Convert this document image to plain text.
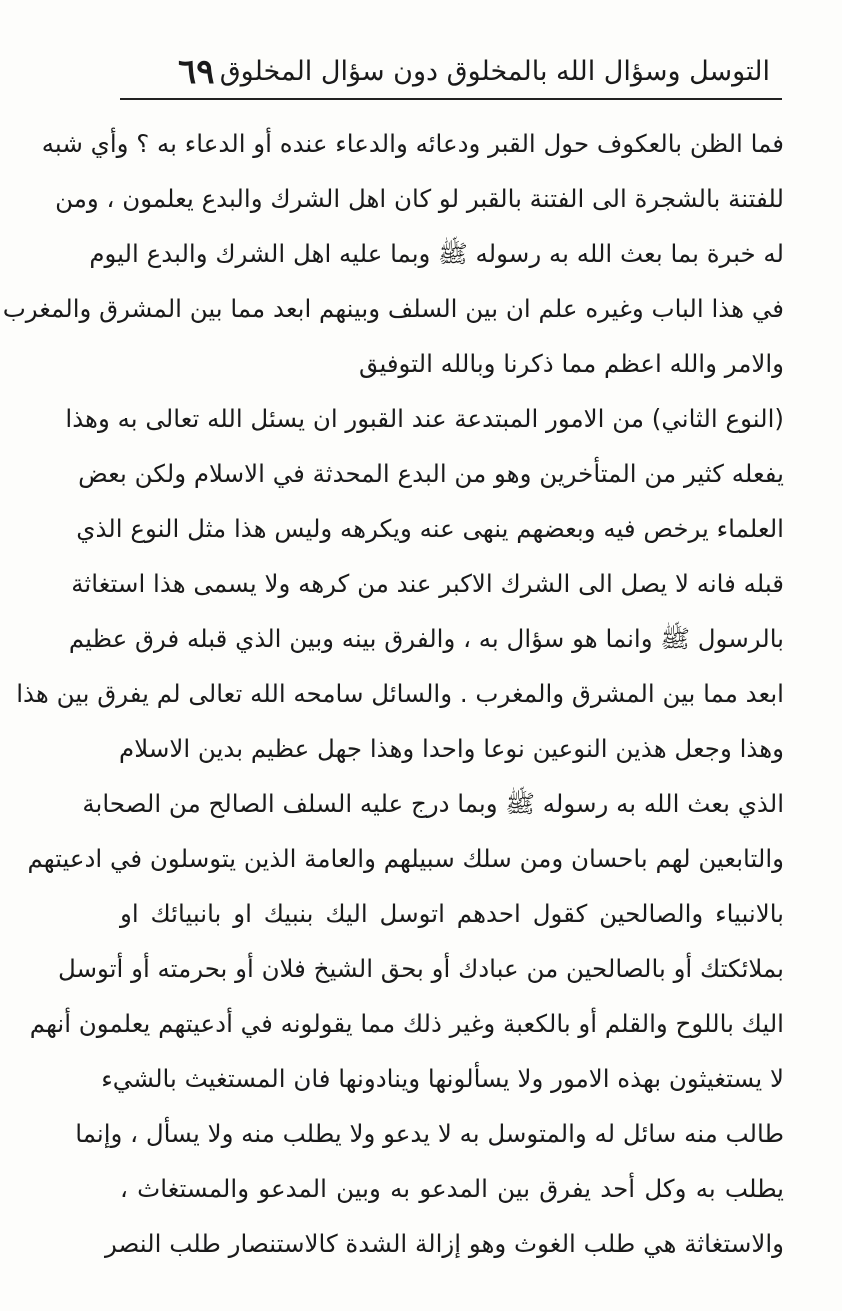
التوسل وسؤال الله بالمخلوق دون سؤال المخلوق
٦٩
فما الظن بالعكوف حول القبر ودعائه والدعاء عنده أو الدعاء به ؟ وأي شبه
للفتنة بالشجرة الى الفتنة بالقبر لو كان اهل الشرك والبدع يعلمون ، ومن
له خبرة بما بعث الله به رسوله ﷺ وبما عليه اهل الشرك والبدع اليوم
في هذا الباب وغيره علم ان بين السلف وبينهم ابعد مما بين المشرق والمغرب
والامر والله اعظم مما ذكرنا وبالله التوفيق
(النوع الثاني) من الامور المبتدعة عند القبور ان يسئل الله تعالى به وهذا
يفعله كثير من المتأخرين وهو من البدع المحدثة في الاسلام ولكن بعض
العلماء يرخص فيه وبعضهم ينهى عنه ويكرهه وليس هذا مثل النوع الذي
قبله فانه لا يصل الى الشرك الاكبر عند من كرهه ولا يسمى هذا استغاثة
بالرسول ﷺ وانما هو سؤال به ، والفرق بينه وبين الذي قبله فرق عظيم
ابعد مما بين المشرق والمغرب . والسائل سامحه الله تعالى لم يفرق بين هذا
وهذا وجعل هذين النوعين نوعا واحدا وهذا جهل عظيم بدين الاسلام
الذي بعث الله به رسوله ﷺ وبما درج عليه السلف الصالح من الصحابة
والتابعين لهم باحسان ومن سلك سبيلهم والعامة الذين يتوسلون في ادعيتهم
بالانبياء والصالحين كقول احدهم اتوسل اليك بنبيك او بانبيائك او
بملائكتك أو بالصالحين من عبادك أو بحق الشيخ فلان أو بحرمته أو أتوسل
اليك باللوح والقلم أو بالكعبة وغير ذلك مما يقولونه في أدعيتهم يعلمون أنهم
لا يستغيثون بهذه الامور ولا يسألونها وينادونها فان المستغيث بالشيء
طالب منه سائل له والمتوسل به لا يدعو ولا يطلب منه ولا يسأل ، وإنما
يطلب به وكل أحد يفرق بين المدعو به وبين المدعو والمستغاث ،
والاستغاثة هي طلب الغوث وهو إزالة الشدة كالاستنصار طلب النصر
